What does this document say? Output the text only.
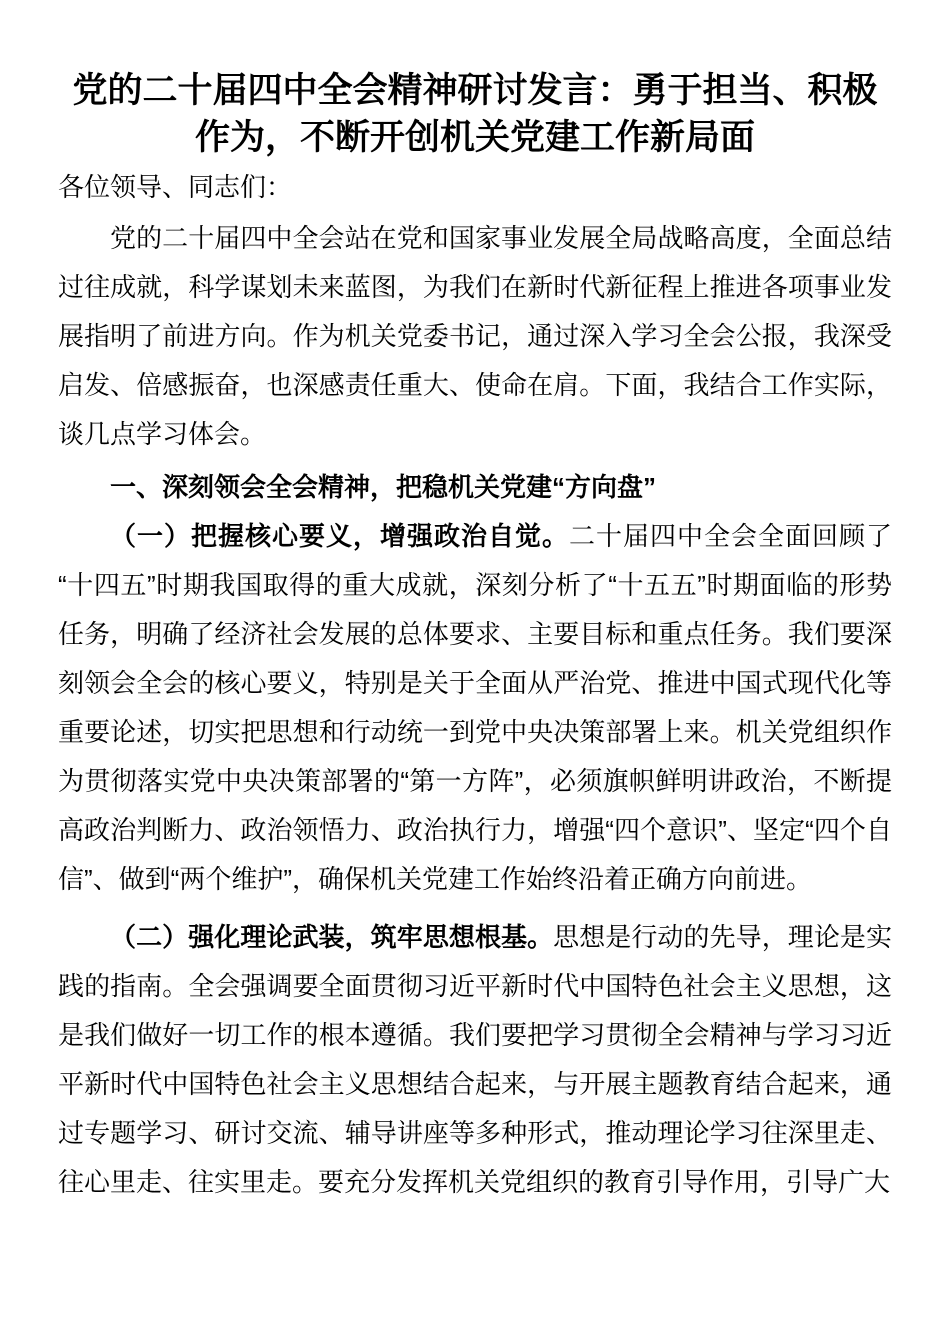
党的二十届四中全会精神研讨发言：勇于担当、积极作为，不断开创机关党建工作新局面

各位领导、同志们：

党的二十届四中全会站在党和国家事业发展全局战略高度，全面总结过往成就，科学谋划未来蓝图，为我们在新时代新征程上推进各项事业发展指明了前进方向。作为机关党委书记，通过深入学习全会公报，我深受启发、倍感振奋，也深感责任重大、使命在肩。下面，我结合工作实际，谈几点学习体会。

一、深刻领会全会精神，把稳机关党建“方向盘”

（一）把握核心要义，增强政治自觉。二十届四中全会全面回顾了“十四五”时期我国取得的重大成就，深刻分析了“十五五”时期面临的形势任务，明确了经济社会发展的总体要求、主要目标和重点任务。我们要深刻领会全会的核心要义，特别是关于全面从严治党、推进中国式现代化等重要论述，切实把思想和行动统一到党中央决策部署上来。机关党组织作为贯彻落实党中央决策部署的“第一方阵”，必须旗帜鲜明讲政治，不断提高政治判断力、政治领悟力、政治执行力，增强“四个意识”、坚定“四个自信”、做到“两个维护”，确保机关党建工作始终沿着正确方向前进。

（二）强化理论武装，筑牢思想根基。思想是行动的先导，理论是实践的指南。全会强调要全面贯彻习近平新时代中国特色社会主义思想，这是我们做好一切工作的根本遵循。我们要把学习贯彻全会精神与学习习近平新时代中国特色社会主义思想结合起来，与开展主题教育结合起来，通过专题学习、研讨交流、辅导讲座等多种形式，推动理论学习往深里走、往心里走、往实里走。要充分发挥机关党组织的教育引导作用，引导广大
